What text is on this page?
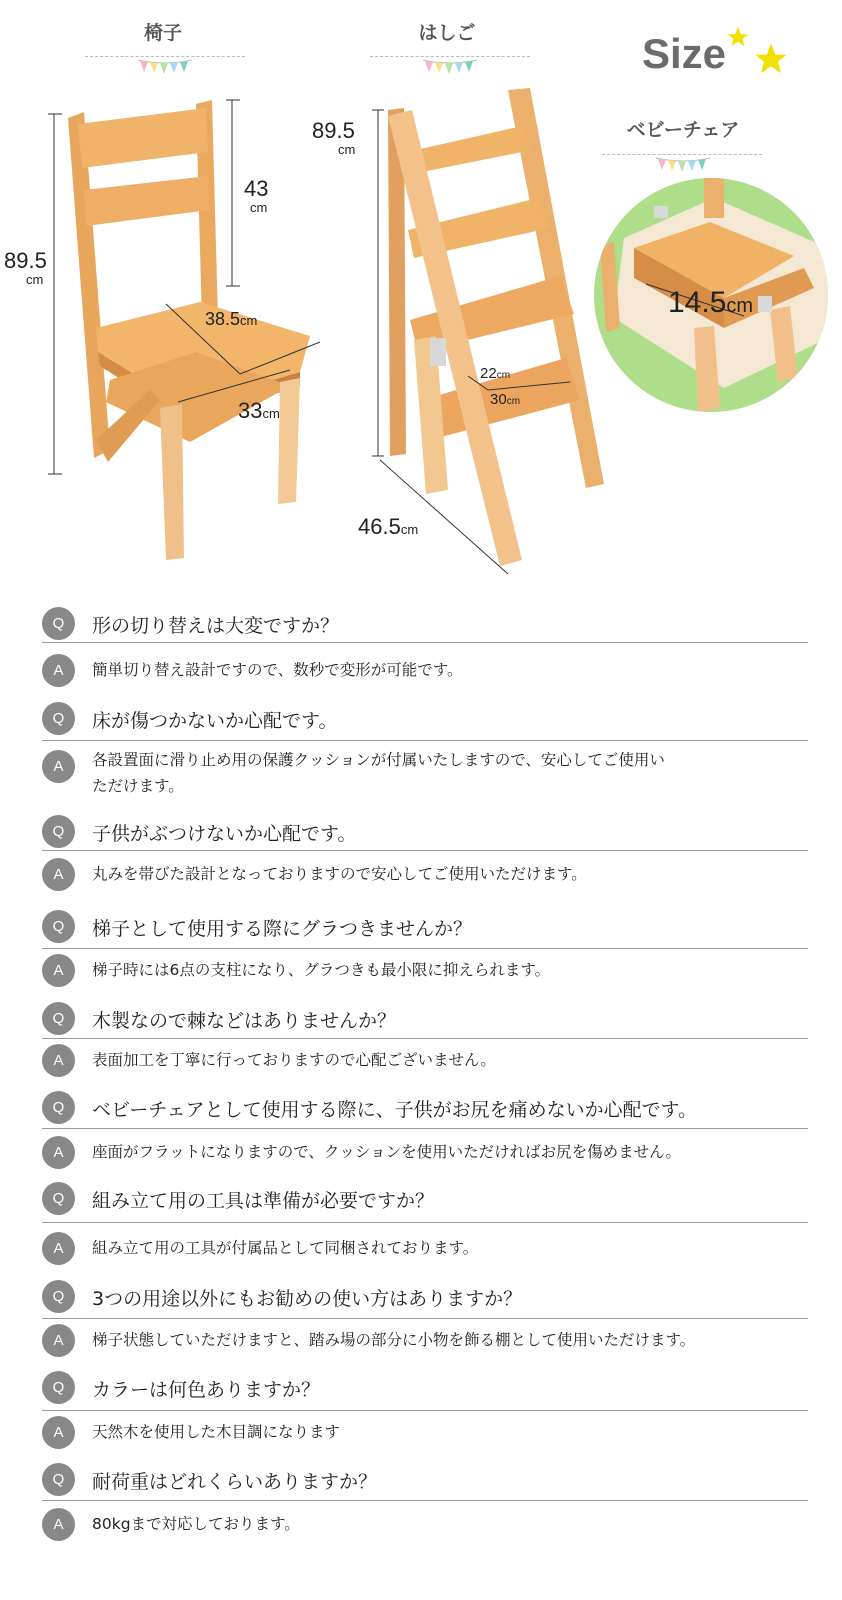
椅子	はしご	Size
ベビーチェア
89.5
cm
43
cm
38.5cm
33cm
89.5
cm
22cm
30cm
46.5cm
14.5cm
Q	形の切り替えは大変ですか？
A	簡単切り替え設計ですので、数秒で変形が可能です。
Q	床が傷つかないか心配です。
A	各設置面に滑り止め用の保護クッションが付属いたしますので、安心してご使用い
ただけます。
Q	子供がぶつけないか心配です。
A	丸みを帯びた設計となっておりますので安心してご使用いただけます。
Q	梯子として使用する際にグラつきませんか？
A	梯子時には6点の支柱になり、グラつきも最小限に抑えられます。
Q	木製なので棘などはありませんか？
A	表面加工を丁寧に行っておりますので心配ございません。
Q	ベビーチェアとして使用する際に、子供がお尻を痛めないか心配です。
A	座面がフラットになりますので、クッションを使用いただければお尻を傷めません。
Q	組み立て用の工具は準備が必要ですか？
A	組み立て用の工具が付属品として同梱されております。
Q	3つの用途以外にもお勧めの使い方はありますか？
A	梯子状態していただけますと、踏み場の部分に小物を飾る棚として使用いただけます。
Q	カラーは何色ありますか？
A	天然木を使用した木目調になります
Q	耐荷重はどれくらいありますか？
A	80kgまで対応しております。
